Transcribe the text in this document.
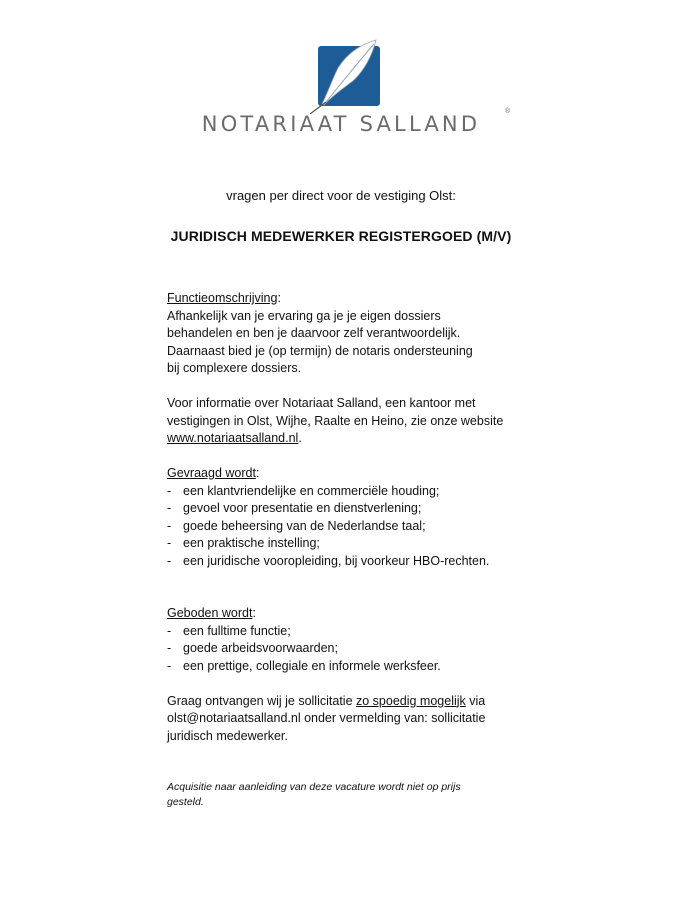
NOTARIAAT SALLAND
®
vragen per direct voor de vestiging Olst:
JURIDISCH MEDEWERKER REGISTERGOED (M/V)

Functieomschrijving:

Afhankelijk van je ervaring ga je je eigen dossiers

behandelen en ben je daarvoor zelf verantwoordelijk.

Daarnaast bied je (op termijn) de notaris ondersteuning

bij complexere dossiers.

Voor informatie over Notariaat Salland, een kantoor met

vestigingen in Olst, Wijhe, Raalte en Heino, zie onze website

www.notariaatsalland.nl.

Gevraagd wordt:

- een klantvriendelijke en commerciële houding;
- gevoel voor presentatie en dienstverlening;
- goede beheersing van de Nederlandse taal;
- een praktische instelling;
- een juridische vooropleiding, bij voorkeur HBO-rechten.

Geboden wordt:

- een fulltime functie;
- goede arbeidsvoorwaarden;
- een prettige, collegiale en informele werksfeer.

Graag ontvangen wij je sollicitatie zo spoedig mogelijk via

olst@notariaatsalland.nl onder vermelding van: sollicitatie

juridisch medewerker.

Acquisitie naar aanleiding van deze vacature wordt niet op prijs

gesteld.
